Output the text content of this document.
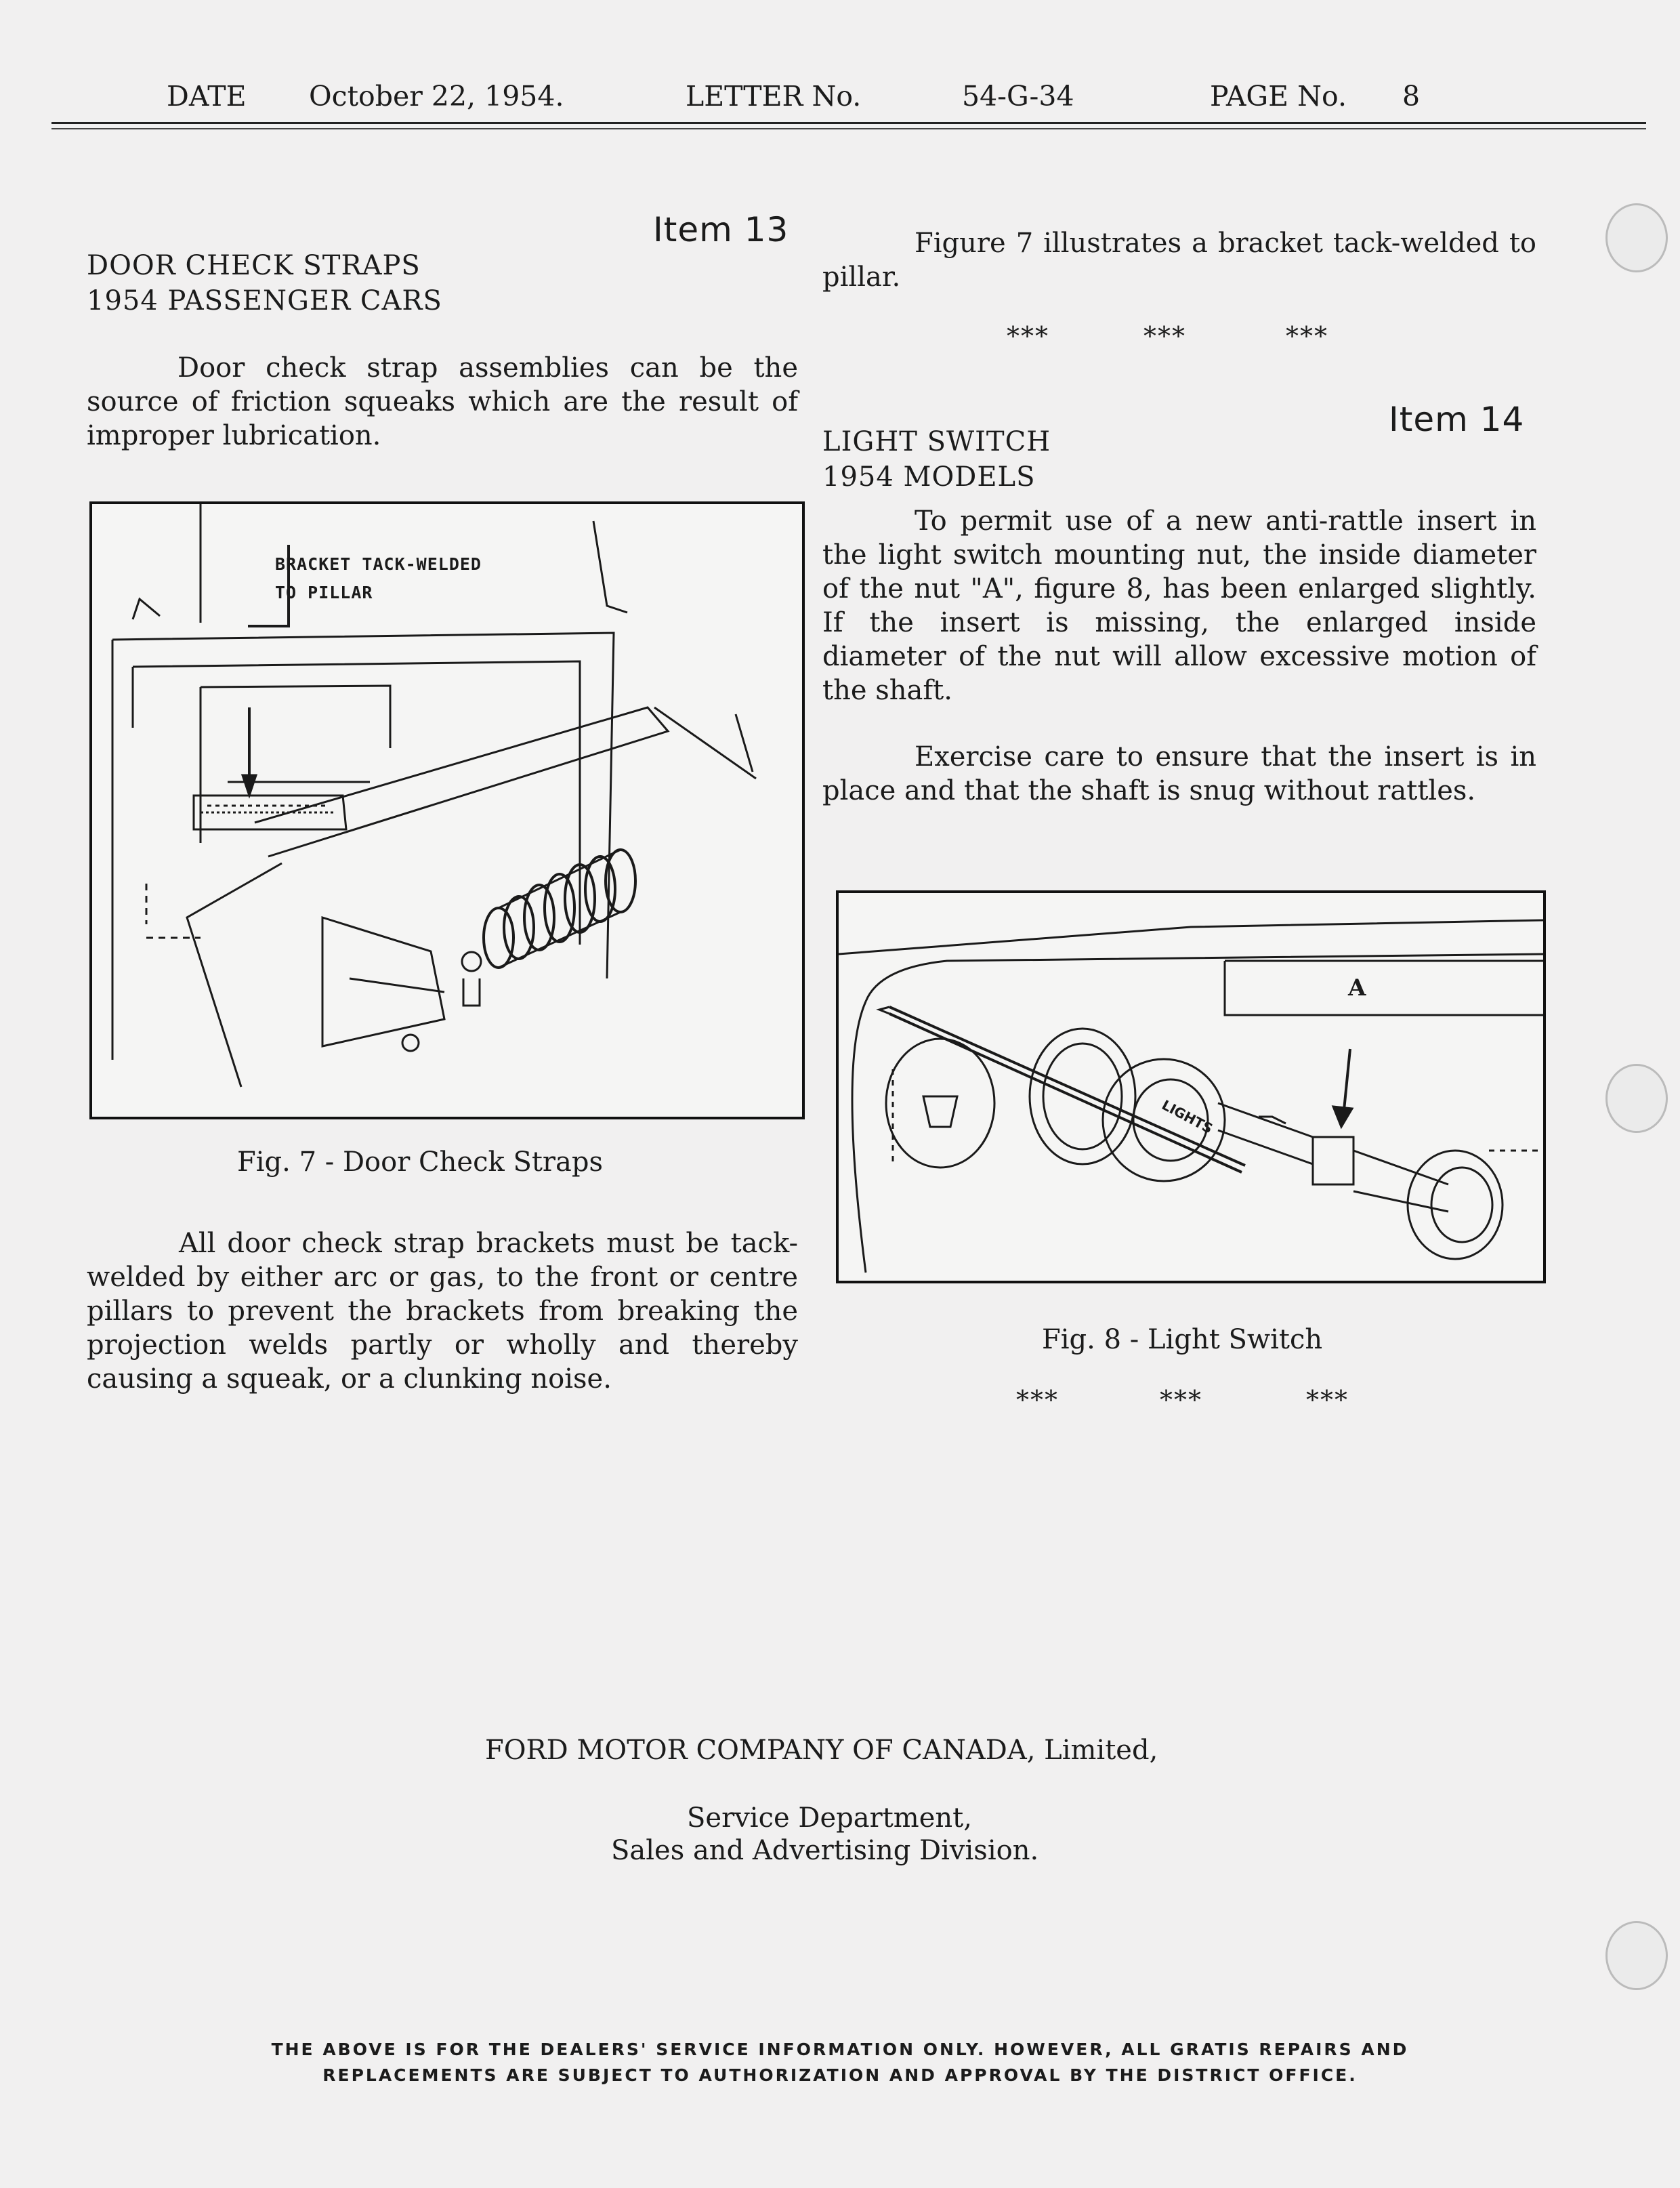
DATE October 22, 1954.	LETTER No.	54-G-34	PAGE No. 8
Item 13
DOOR CHECK STRAPS
1954 PASSENGER CARS
Door check strap assemblies can be the source of friction squeaks which are the result of improper lubrication.
BRACKET TACK-WELDED
TO PILLAR
Fig. 7 - Door Check Straps
All door check strap brackets must be tack-welded by either arc or gas, to the front or centre pillars to prevent the brackets from breaking the projection welds partly or wholly and thereby causing a squeak, or a clunking noise.
Figure 7 illustrates a bracket tack-welded to pillar.
***	***	***
Item 14
LIGHT SWITCH
1954 MODELS
To permit use of a new anti-rattle insert in the light switch mounting nut, the inside diameter of the nut "A", figure 8, has been enlarged slightly. If the insert is missing, the enlarged inside diameter of the nut will allow excessive motion of the shaft.
Exercise care to ensure that the insert is in place and that the shaft is snug without rattles.
A
LIGHTS
Fig. 8 - Light Switch
***	***	***
FORD MOTOR COMPANY OF CANADA, Limited,
Service Department,
Sales and Advertising Division.
THE ABOVE IS FOR THE DEALERS' SERVICE INFORMATION ONLY. HOWEVER, ALL GRATIS REPAIRS AND
REPLACEMENTS ARE SUBJECT TO AUTHORIZATION AND APPROVAL BY THE DISTRICT OFFICE.
